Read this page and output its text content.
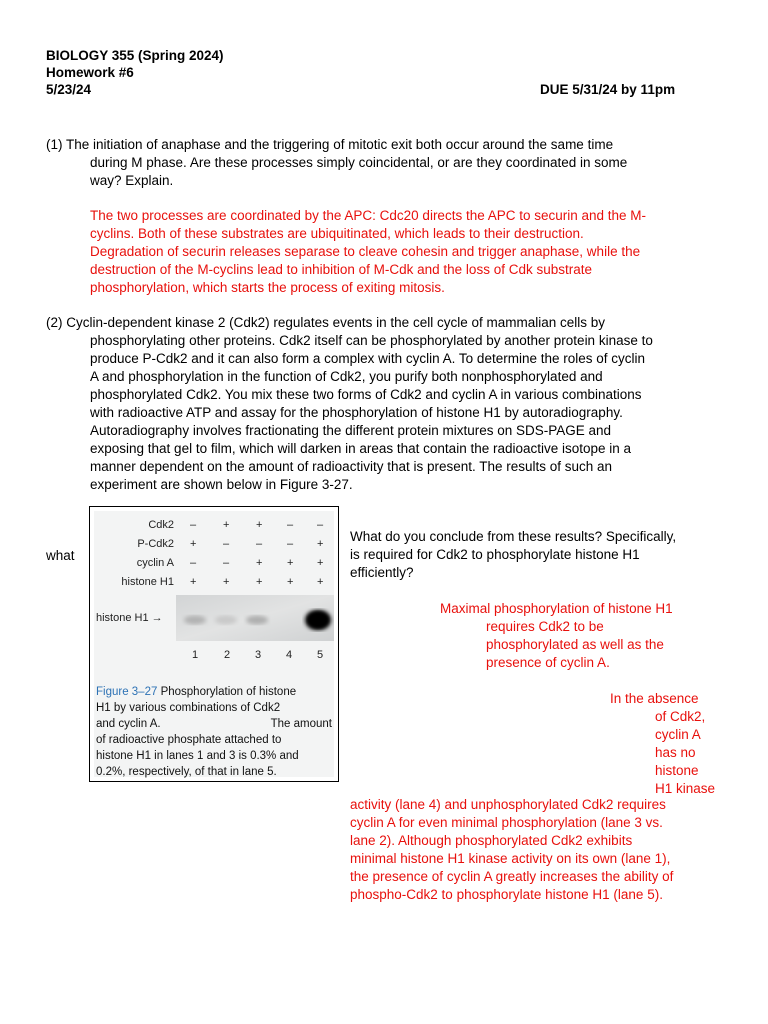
BIOLOGY 355 (Spring 2024)
Homework #6
5/23/24	DUE 5/31/24 by 11pm
(1) The initiation of anaphase and the triggering of mitotic exit both occur around the same time
during M phase. Are these processes simply coincidental, or are they coordinated in some
way? Explain.
The two processes are coordinated by the APC: Cdc20 directs the APC to securin and the M-
cyclins. Both of these substrates are ubiquitinated, which leads to their destruction.
Degradation of securin releases separase to cleave cohesin and trigger anaphase, while the
destruction of the M-cyclins lead to inhibition of M-Cdk and the loss of Cdk substrate
phosphorylation, which starts the process of exiting mitosis.
(2) Cyclin-dependent kinase 2 (Cdk2) regulates events in the cell cycle of mammalian cells by
phosphorylating other proteins. Cdk2 itself can be phosphorylated by another protein kinase to
produce P-Cdk2 and it can also form a complex with cyclin A. To determine the roles of cyclin
A and phosphorylation in the function of Cdk2, you purify both nonphosphorylated and
phosphorylated Cdk2. You mix these two forms of Cdk2 and cyclin A in various combinations
with radioactive ATP and assay for the phosphorylation of histone H1 by autoradiography.
Autoradiography involves fractionating the different protein mixtures on SDS-PAGE and
exposing that gel to film, which will darken in areas that contain the radioactive isotope in a
manner dependent on the amount of radioactivity that is present. The results of such an
experiment are shown below in Figure 3-27.
what
Cdk2
P-Cdk2
cyclin A
histone H1
– + + – –
+ – – – +
– – + + +
+ + + + +
histone H1 →
1 2 3 4 5
Figure 3–27 Phosphorylation of histone
H1 by various combinations of Cdk2
and cyclin A.	The amount
of radioactive phosphate attached to
histone H1 in lanes 1 and 3 is 0.3% and
0.2%, respectively, of that in lane 5.
What do you conclude from these results? Specifically,
is required for Cdk2 to phosphorylate histone H1
efficiently?
Maximal phosphorylation of histone H1
requires Cdk2 to be
phosphorylated as well as the
presence of cyclin A.
In the absence
of Cdk2,
cyclin A
has no
histone
H1 kinase
activity (lane 4) and unphosphorylated Cdk2 requires
cyclin A for even minimal phosphorylation (lane 3 vs.
lane 2). Although phosphorylated Cdk2 exhibits
minimal histone H1 kinase activity on its own (lane 1),
the presence of cyclin A greatly increases the ability of
phospho-Cdk2 to phosphorylate histone H1 (lane 5).
